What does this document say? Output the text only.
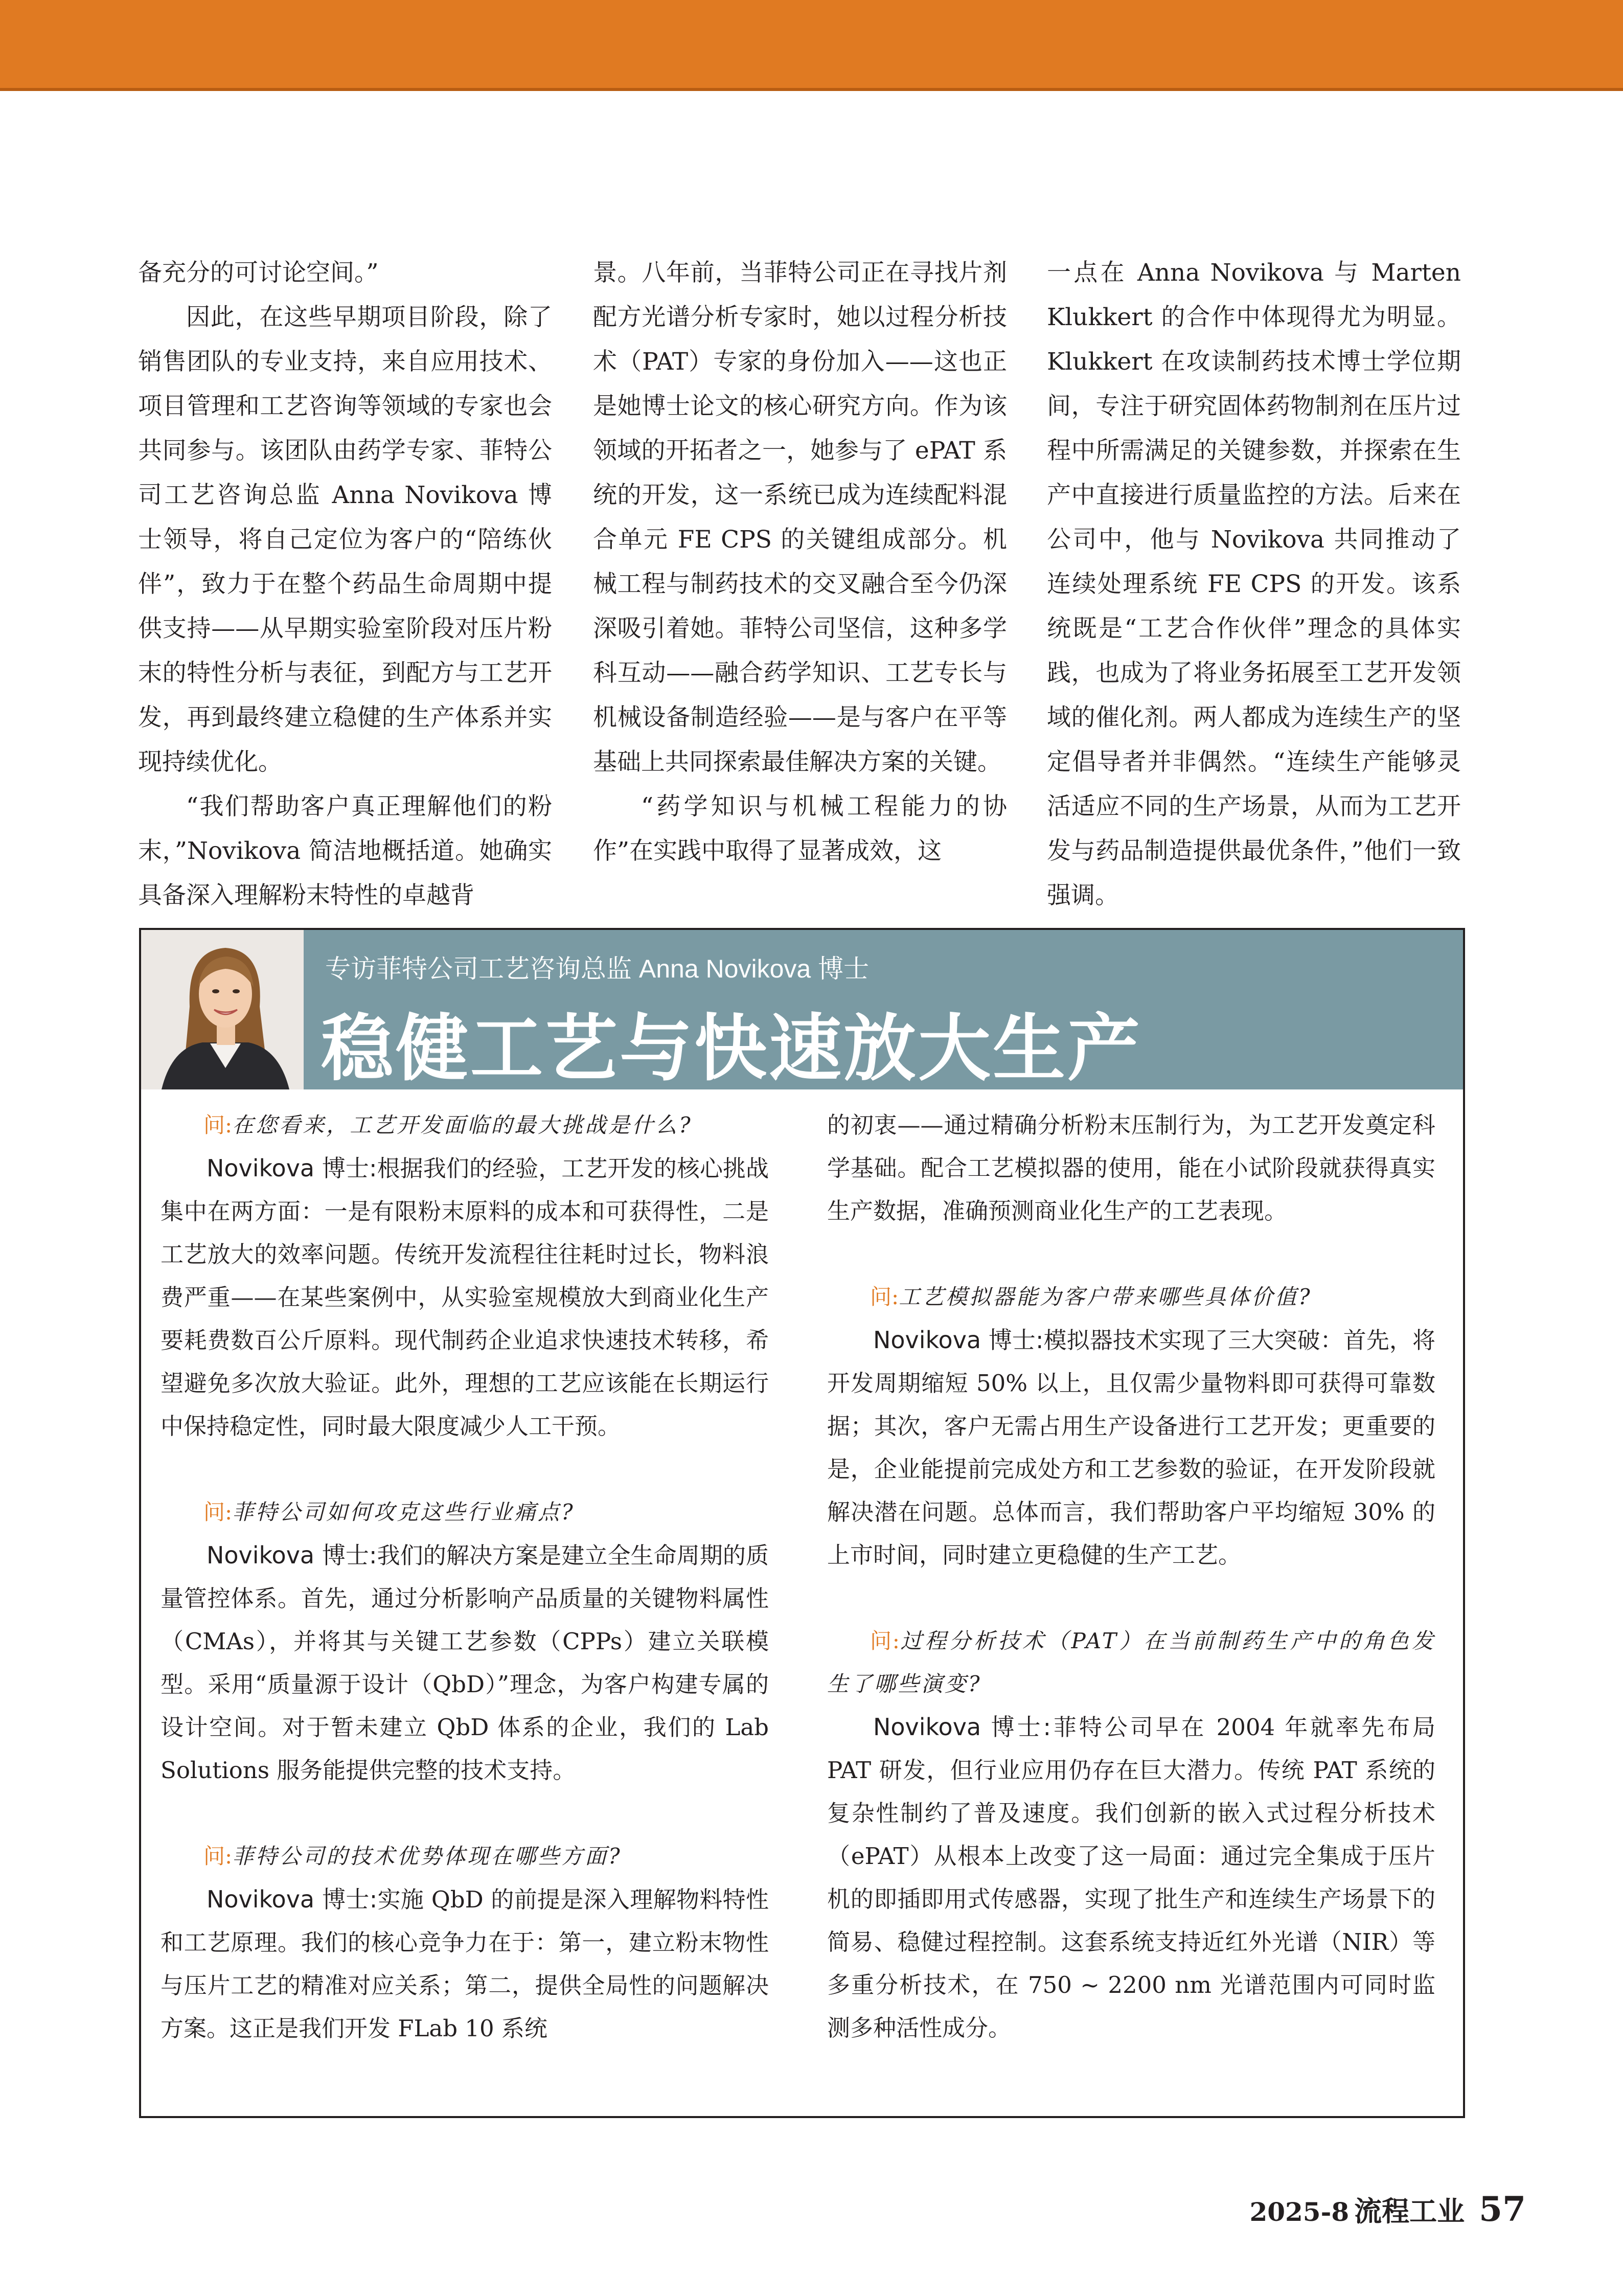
备充分的可讨论空间。”

因此，在这些早期项目阶段，除了销售团队的专业支持，来自应用技术、项目管理和工艺咨询等领域的专家也会共同参与。该团队由药学专家、菲特公司工艺咨询总监 Anna Novikova 博士领导，将自己定位为客户的“陪练伙伴”，致力于在整个药品生命周期中提供支持——从早期实验室阶段对压片粉末的特性分析与表征，到配方与工艺开发，再到最终建立稳健的生产体系并实现持续优化。

“我们帮助客户真正理解他们的粉末，”Novikova 简洁地概括道。她确实具备深入理解粉末特性的卓越背

景。八年前，当菲特公司正在寻找片剂配方光谱分析专家时，她以过程分析技术（PAT）专家的身份加入——这也正是她博士论文的核心研究方向。作为该领域的开拓者之一，她参与了 ePAT 系统的开发，这一系统已成为连续配料混合单元 FE CPS 的关键组成部分。机械工程与制药技术的交叉融合至今仍深深吸引着她。菲特公司坚信，这种多学科互动——融合药学知识、工艺专长与机械设备制造经验——是与客户在平等基础上共同探索最佳解决方案的关键。

“药学知识与机械工程能力的协作”在实践中取得了显著成效，这

一点在 Anna Novikova 与 Marten Klukkert 的合作中体现得尤为明显。Klukkert 在攻读制药技术博士学位期间，专注于研究固体药物制剂在压片过程中所需满足的关键参数，并探索在生产中直接进行质量监控的方法。后来在公司中，他与 Novikova 共同推动了连续处理系统 FE CPS 的开发。该系统既是“工艺合作伙伴”理念的具体实践，也成为了将业务拓展至工艺开发领域的催化剂。两人都成为连续生产的坚定倡导者并非偶然。“连续生产能够灵活适应不同的生产场景，从而为工艺开发与药品制造提供最优条件，”他们一致强调。

专访菲特公司工艺咨询总监 Anna Novikova 博士
稳健工艺与快速放大生产

问:在您看来，工艺开发面临的最大挑战是什么?

Novikova 博士:根据我们的经验，工艺开发的核心挑战集中在两方面：一是有限粉末原料的成本和可获得性，二是工艺放大的效率问题。传统开发流程往往耗时过长，物料浪费严重——在某些案例中，从实验室规模放大到商业化生产要耗费数百公斤原料。现代制药企业追求快速技术转移，希望避免多次放大验证。此外，理想的工艺应该能在长期运行中保持稳定性，同时最大限度减少人工干预。

问:菲特公司如何攻克这些行业痛点?

Novikova 博士:我们的解决方案是建立全生命周期的质量管控体系。首先，通过分析影响产品质量的关键物料属性（CMAs），并将其与关键工艺参数（CPPs）建立关联模型。采用“质量源于设计（QbD）”理念，为客户构建专属的设计空间。对于暂未建立 QbD 体系的企业，我们的 Lab Solutions 服务能提供完整的技术支持。

问:菲特公司的技术优势体现在哪些方面?

Novikova 博士:实施 QbD 的前提是深入理解物料特性和工艺原理。我们的核心竞争力在于：第一，建立粉末物性与压片工艺的精准对应关系；第二，提供全局性的问题解决方案。这正是我们开发 FLab 10 系统

的初衷——通过精确分析粉末压制行为，为工艺开发奠定科学基础。配合工艺模拟器的使用，能在小试阶段就获得真实生产数据，准确预测商业化生产的工艺表现。

问:工艺模拟器能为客户带来哪些具体价值?

Novikova 博士:模拟器技术实现了三大突破：首先，将开发周期缩短 50% 以上，且仅需少量物料即可获得可靠数据；其次，客户无需占用生产设备进行工艺开发；更重要的是，企业能提前完成处方和工艺参数的验证，在开发阶段就解决潜在问题。总体而言，我们帮助客户平均缩短 30% 的上市时间，同时建立更稳健的生产工艺。

问:过程分析技术（PAT）在当前制药生产中的角色发生了哪些演变?

Novikova 博士:菲特公司早在 2004 年就率先布局 PAT 研发，但行业应用仍存在巨大潜力。传统 PAT 系统的复杂性制约了普及速度。我们创新的嵌入式过程分析技术（ePAT）从根本上改变了这一局面：通过完全集成于压片机的即插即用式传感器，实现了批生产和连续生产场景下的简易、稳健过程控制。这套系统支持近红外光谱（NIR）等多重分析技术，在 750 ~ 2200 nm 光谱范围内可同时监测多种活性成分。

2025-8 流程工业 57
